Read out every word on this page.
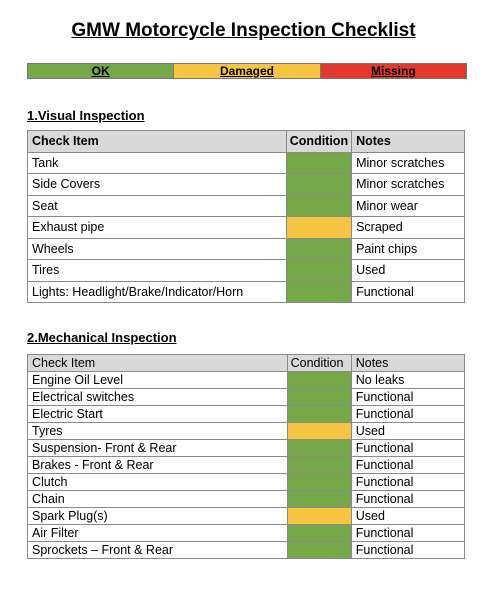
GMW Motorcycle Inspection Checklist
OK	Damaged	Missing
1.Visual Inspection
Check Item	Condition	Notes
Tank		Minor scratches
Side Covers		Minor scratches
Seat		Minor wear
Exhaust pipe		Scraped
Wheels		Paint chips
Tires		Used
Lights: Headlight/Brake/Indicator/Horn		Functional
2.Mechanical Inspection
Check Item	Condition	Notes
Engine Oil Level		No leaks
Electrical switches		Functional
Electric Start		Functional
Tyres		Used
Suspension- Front & Rear		Functional
Brakes - Front & Rear		Functional
Clutch		Functional
Chain		Functional
Spark Plug(s)		Used
Air Filter		Functional
Sprockets – Front & Rear		Functional
